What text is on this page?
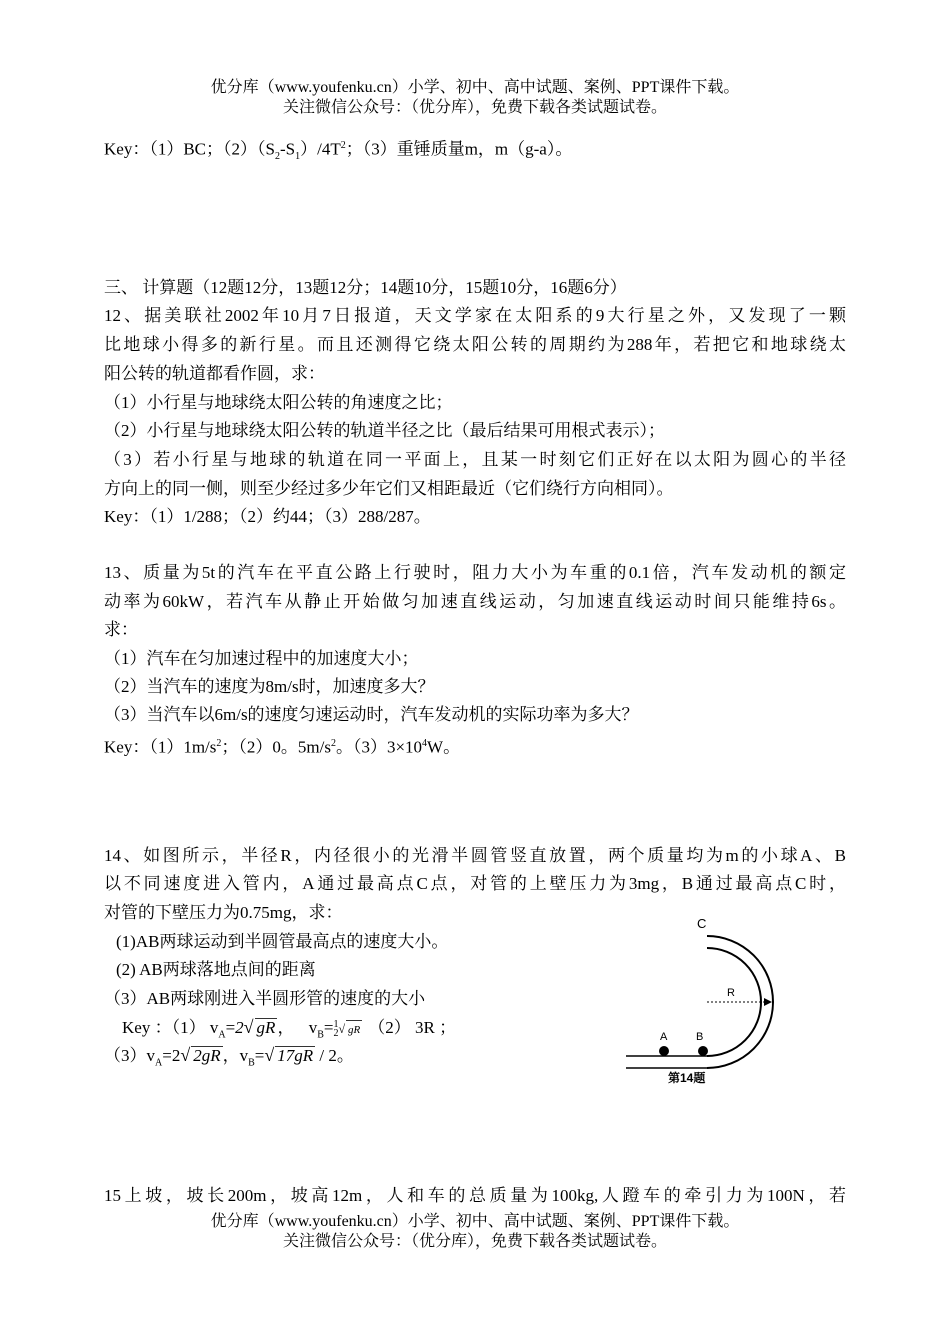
优分库（www.youfenku.cn）小学、初中、高中试题、案例、PPT课件下载。
关注微信公众号：（优分库），免费下载各类试题试卷。
Key：（1）BC；$(2)(S_2-S_1)/4T^2$；（3）重锤质量m，m（g-a）。
三、 计算题（12题12分，13题12分；14题10分，15题10分，16题6分）
12、据美联社2002年10月7日报道，天文学家在太阳系的9大行星之外，又发现了一颗
比地球小得多的新行星。而且还测得它绕太阳公转的周期约为288年，若把它和地球绕太
阳公转的轨道都看作圆，求：
（1）小行星与地球绕太阳公转的角速度之比；
（2）小行星与地球绕太阳公转的轨道半径之比（最后结果可用根式表示）；
（3）若小行星与地球的轨道在同一平面上，且某一时刻它们正好在以太阳为圆心的半径
方向上的同一侧，则至少经过多少年它们又相距最近（它们绕行方向相同）。
Key：（1）1/288；（2）约44；（3）288/287。
13、质量为5t的汽车在平直公路上行驶时，阻力大小为车重的0.1倍，汽车发动机的额定
动率为60kW，若汽车从静止开始做匀加速直线运动，匀加速直线运动时间只能维持6s。
求：
（1）汽车在匀加速过程中的加速度大小；
（2）当汽车的速度为8m/s时，加速度多大？
（3）当汽车以6m/s的速度匀速运动时，汽车发动机的实际功率为多大？
Key：$(1)1m/s^2$；（2）0。$5m/s^2$。$(3)3\times 10^4W$。
14、如图所示，半径R，内径很小的光滑半圆管竖直放置，两个质量均为m的小球A、B
以不同速度进入管内，A通过最高点C点，对管的上壁压力为3mg，B通过最高点C时，
对管的下壁压力为0.75mg，求：
(1)AB两球运动到半圆管最高点的速度大小。
(2) AB两球落地点间的距离
（3）AB两球刚进入半圆形管的速度的大小
Key ：（1） $v_A=2√$ gR ， $v_B=1$
2√ gR （2） 3R ；
$(3)v_A=2√$ 2gR ，$v_B=√$ 17gR / 2。
C
R
A	B
第14题
15上坡，坡长200m，坡高12m，人和车的总质量为100kg,人蹬车的牵引力为100N，若
优分库（www.youfenku.cn）小学、初中、高中试题、案例、PPT课件下载。
关注微信公众号：（优分库），免费下载各类试题试卷。
